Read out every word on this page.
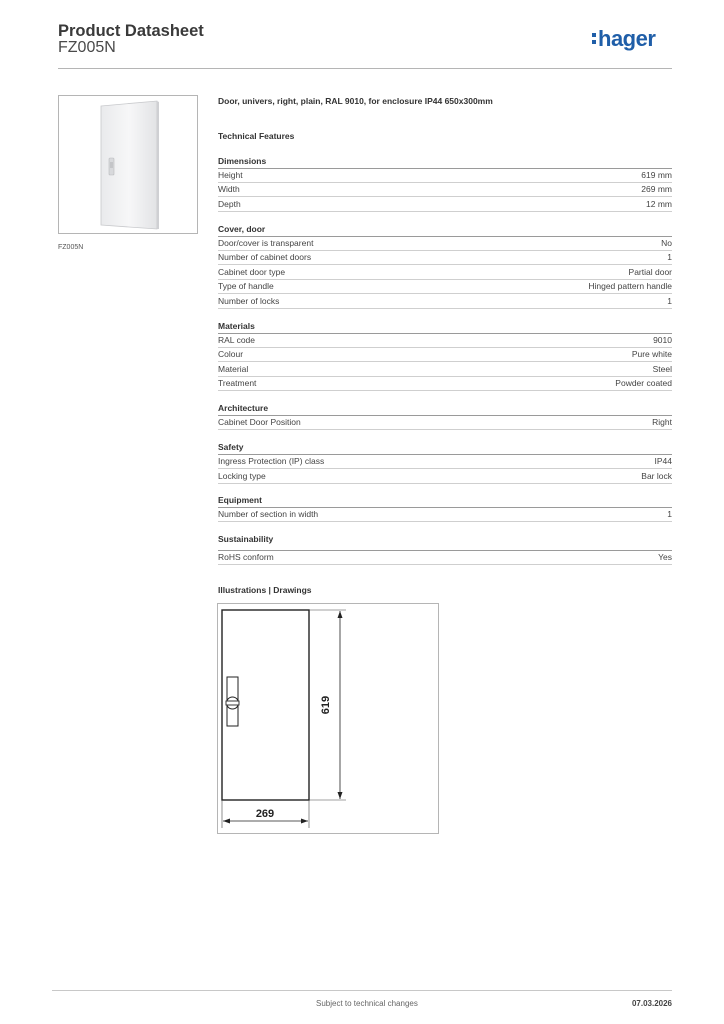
Product Datasheet
FZ005N	hager
FZ005N
Door, univers, right, plain, RAL 9010, for enclosure IP44 650x300mm
Technical Features
Dimensions
Height	619 mm
Width	269 mm
Depth	12 mm
Cover, door
Door/cover is transparent	No
Number of cabinet doors	1
Cabinet door type	Partial door
Type of handle	Hinged pattern handle
Number of locks	1
Materials
RAL code	9010
Colour	Pure white
Material	Steel
Treatment	Powder coated
Architecture
Cabinet Door Position	Right
Safety
Ingress Protection (IP) class	IP44
Locking type	Bar lock
Equipment
Number of section in width	1
Sustainability
RoHS conform	Yes
Illustrations | Drawings
619
269
Subject to technical changes	07.03.2026
